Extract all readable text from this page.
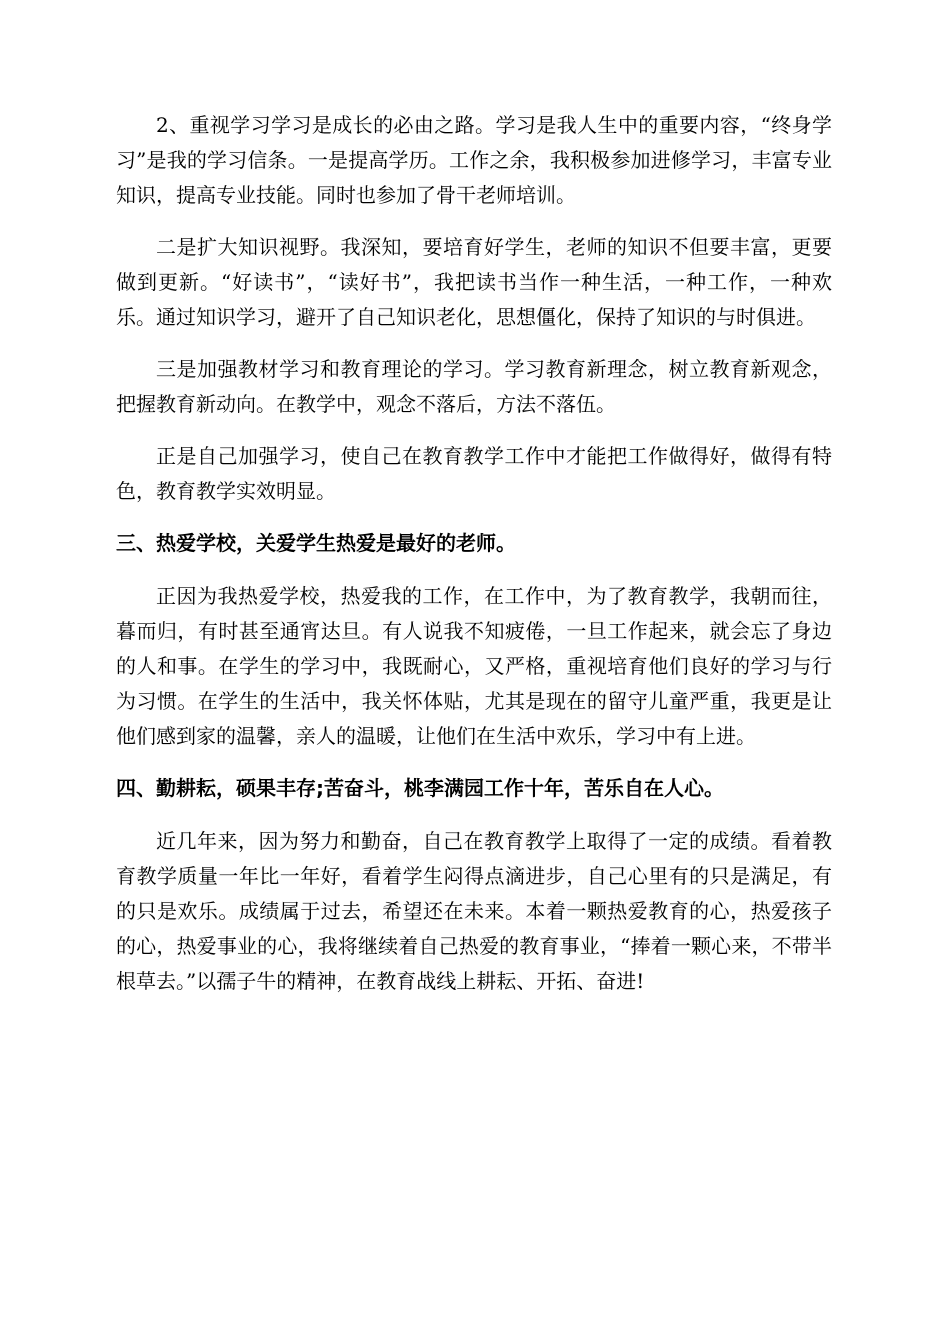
2、重视学习学习是成长的必由之路。学习是我人生中的重要内容，“终身学习”是我的学习信条。一是提高学历。工作之余，我积极参加进修学习，丰富专业知识，提高专业技能。同时也参加了骨干老师培训。

二是扩大知识视野。我深知，要培育好学生，老师的知识不但要丰富，更要做到更新。“好读书”，“读好书”，我把读书当作一种生活，一种工作，一种欢乐。通过知识学习，避开了自己知识老化，思想僵化，保持了知识的与时俱进。

三是加强教材学习和教育理论的学习。学习教育新理念，树立教育新观念，把握教育新动向。在教学中，观念不落后，方法不落伍。

正是自己加强学习，使自己在教育教学工作中才能把工作做得好，做得有特色，教育教学实效明显。

三、热爱学校，关爱学生热爱是最好的老师。

正因为我热爱学校，热爱我的工作，在工作中，为了教育教学，我朝而往，暮而归，有时甚至通宵达旦。有人说我不知疲倦，一旦工作起来，就会忘了身边的人和事。在学生的学习中，我既耐心，又严格，重视培育他们良好的学习与行为习惯。在学生的生活中，我关怀体贴，尤其是现在的留守儿童严重，我更是让他们感到家的温馨，亲人的温暖，让他们在生活中欢乐，学习中有上进。

四、勤耕耘，硕果丰存;苦奋斗，桃李满园工作十年，苦乐自在人心。

近几年来，因为努力和勤奋，自己在教育教学上取得了一定的成绩。看着教育教学质量一年比一年好，看着学生闷得点滴进步，自己心里有的只是满足，有的只是欢乐。成绩属于过去，希望还在未来。本着一颗热爱教育的心，热爱孩子的心，热爱事业的心，我将继续着自己热爱的教育事业，“捧着一颗心来，不带半根草去。”以孺子牛的精神，在教育战线上耕耘、开拓、奋进!
